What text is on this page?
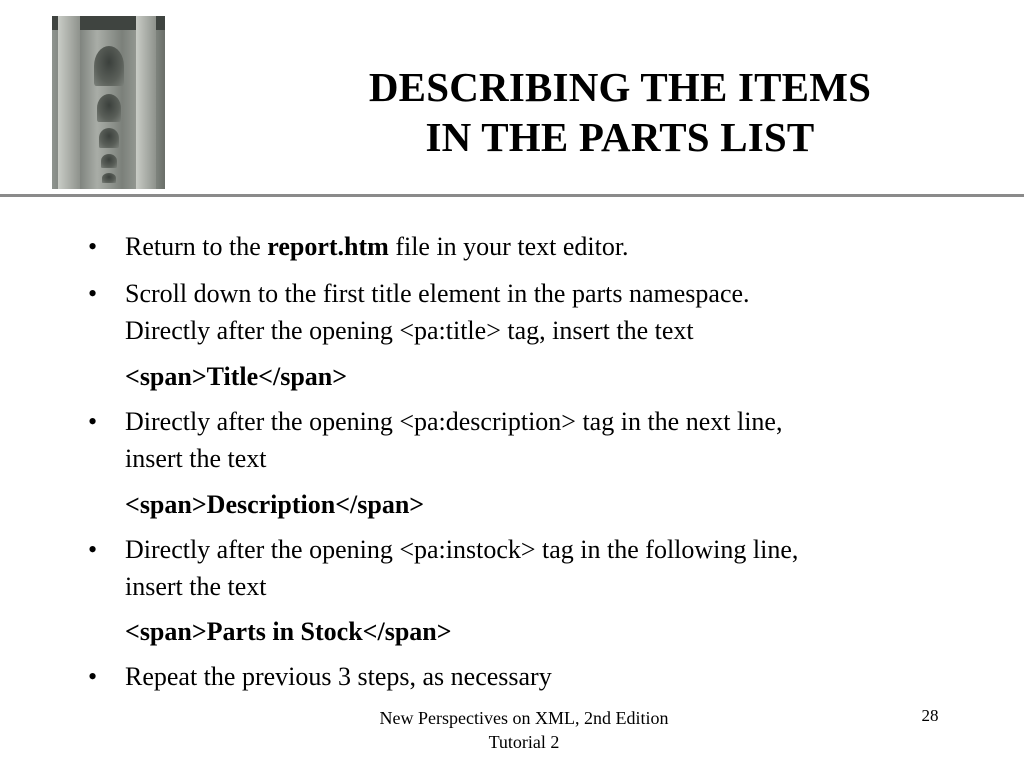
DESCRIBING THE ITEMS
IN THE PARTS LIST
• Return to the report.htm file in your text editor.
• Scroll down to the first title element in the parts namespace.
Directly after the opening <pa:title> tag, insert the text
<span>Title</span>
• Directly after the opening <pa:description> tag in the next line,
insert the text
<span>Description</span>
• Directly after the opening <pa:instock> tag in the following line,
insert the text
<span>Parts in Stock</span>
• Repeat the previous 3 steps, as necessary
New Perspectives on XML, 2nd Edition
Tutorial 2
28
